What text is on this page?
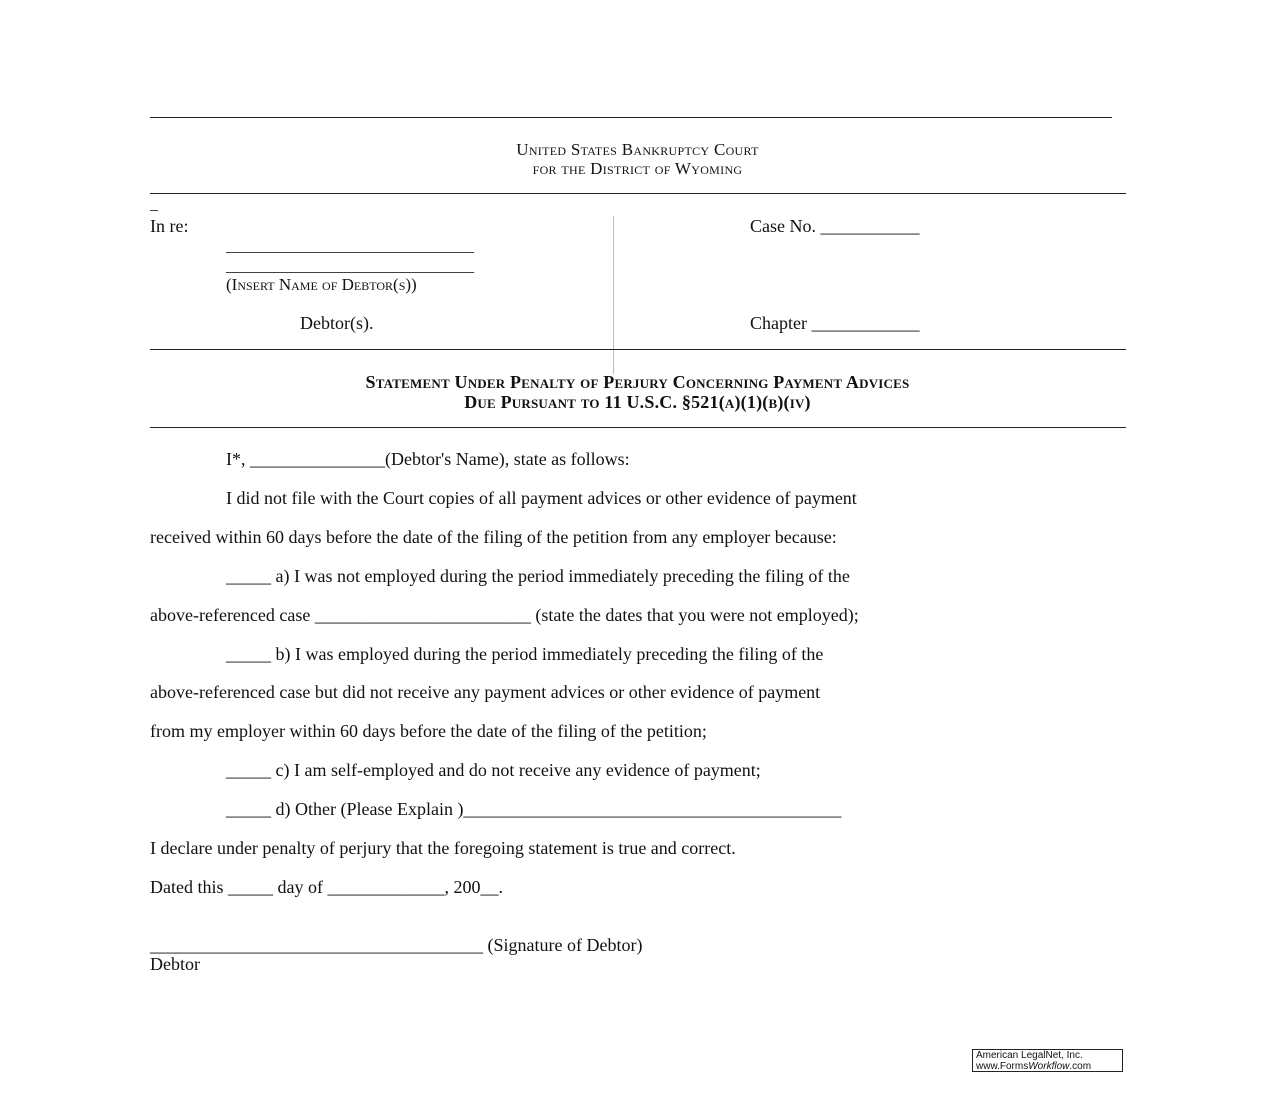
United States Bankruptcy Court
for the District of Wyoming
_
In re:
_______________________________
_______________________________
(Insert Name of Debtor(s))
Debtor(s).
Case No. ___________
Chapter ____________
Statement Under Penalty of Perjury Concerning Payment Advices
Due Pursuant to 11 U.S.C. §521(a)(1)(b)(iv)
I*, _______________(Debtor's Name), state as follows:
I did not file with the Court copies of all payment advices or other evidence of payment
received within 60 days before the date of the filing of the petition from any employer because:
_____ a) I was not employed during the period immediately preceding the filing of the
above-referenced case ________________________ (state the dates that you were not employed);
_____ b) I was employed during the period immediately preceding the filing of the
above-referenced case but did not receive any payment advices or other evidence of payment
from my employer within 60 days before the date of the filing of the petition;
_____ c) I am self-employed and do not receive any evidence of payment;
_____ d) Other (Please Explain )__________________________________________
I declare under penalty of perjury that the foregoing statement is true and correct.
Dated this _____ day of _____________, 200__.
_____________________________________ (Signature of Debtor)
Debtor
American LegalNet, Inc.
www.FormsWorkflow.com
